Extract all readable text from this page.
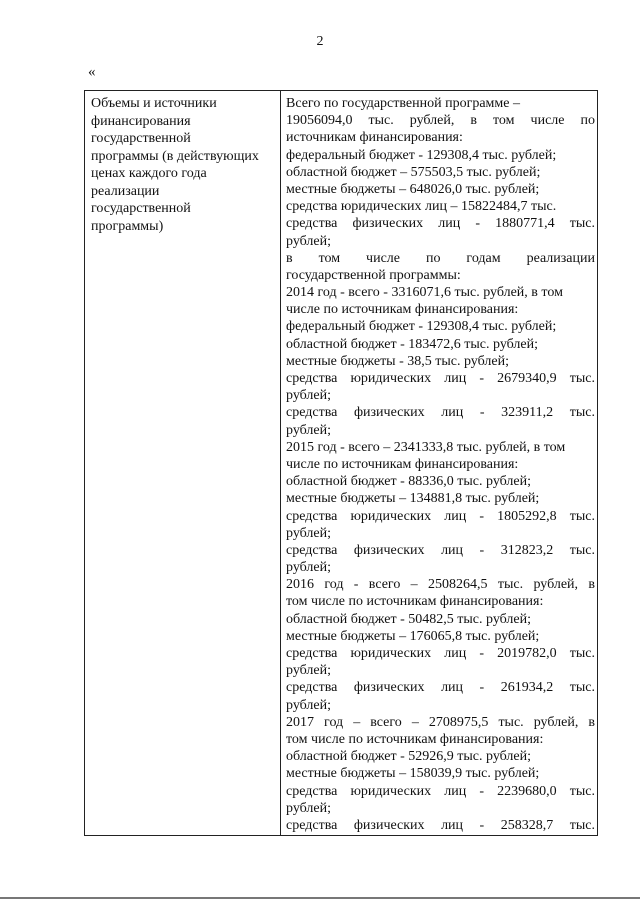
2
«
Объемы и источники
финансирования
государственной
программы (в действующих
ценах каждого года
реализации
государственной
программы)
Всего по государственной программе –
19056094,0 тыс. рублей, в том числе по
источникам финансирования:
федеральный бюджет - 129308,4 тыс. рублей;
областной бюджет – 575503,5 тыс. рублей;
местные бюджеты – 648026,0 тыс. рублей;
средства юридических лиц – 15822484,7 тыс.
средства физических лиц - 1880771,4 тыс.
рублей;
в том числе по годам реализации
государственной программы:
2014 год - всего - 3316071,6 тыс. рублей, в том
числе по источникам финансирования:
федеральный бюджет - 129308,4 тыс. рублей;
областной бюджет - 183472,6 тыс. рублей;
местные бюджеты - 38,5 тыс. рублей;
средства юридических лиц - 2679340,9 тыс.
рублей;
средства физических лиц - 323911,2 тыс.
рублей;
2015 год - всего – 2341333,8 тыс. рублей, в том
числе по источникам финансирования:
областной бюджет - 88336,0 тыс. рублей;
местные бюджеты – 134881,8 тыс. рублей;
средства юридических лиц - 1805292,8 тыс.
рублей;
средства физических лиц - 312823,2 тыс.
рублей;
2016 год - всего – 2508264,5 тыс. рублей, в
том числе по источникам финансирования:
областной бюджет - 50482,5 тыс. рублей;
местные бюджеты – 176065,8 тыс. рублей;
средства юридических лиц - 2019782,0 тыс.
рублей;
средства физических лиц - 261934,2 тыс.
рублей;
2017 год – всего – 2708975,5 тыс. рублей, в
том числе по источникам финансирования:
областной бюджет - 52926,9 тыс. рублей;
местные бюджеты – 158039,9 тыс. рублей;
средства юридических лиц - 2239680,0 тыс.
рублей;
средства физических лиц - 258328,7 тыс.
